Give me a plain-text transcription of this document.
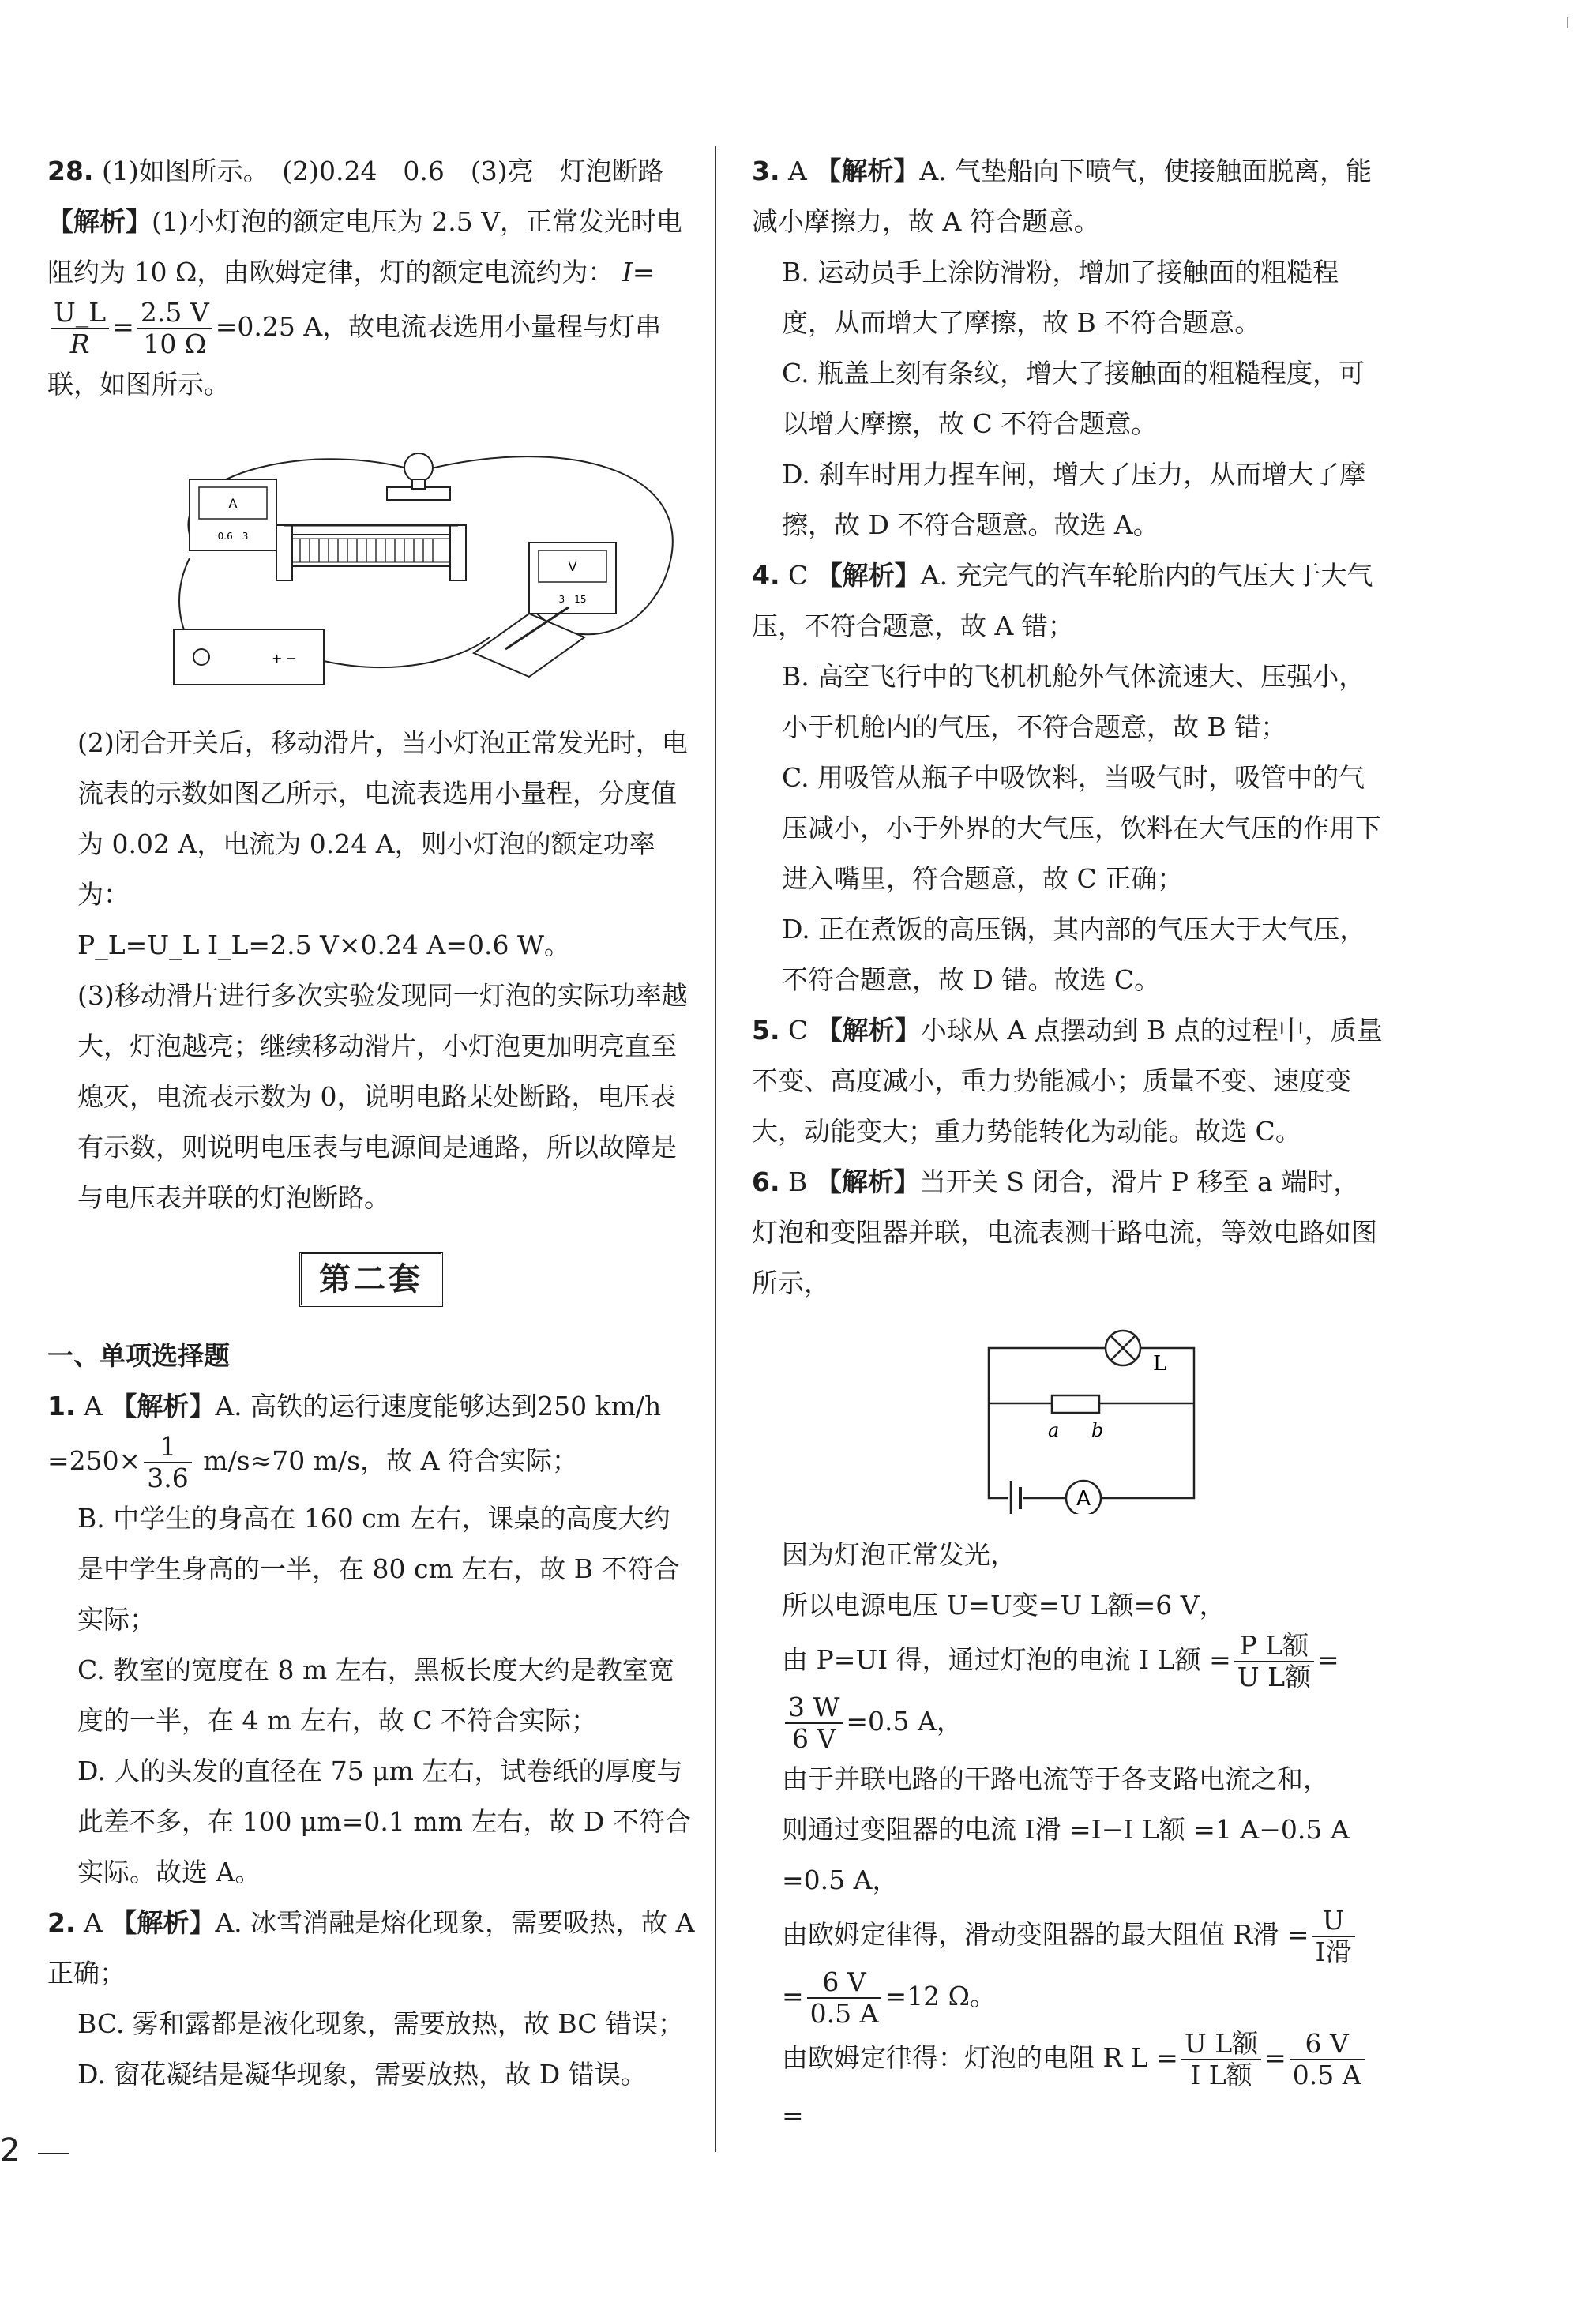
28. (1)如图所示。　(2)0.24　0.6　(3)亮　灯泡断路　【解析】(1)小灯泡的额定电压为 2.5 V，正常发光时电阻约为 10 Ω，由欧姆定律，灯的额定电流约为： I=
$\frac{U\_L}{R} = \frac{2.5 V}{10 \Omega} =0.25$ A，故电流表选用小量程与灯串联，如图所示。

A
0.6　3
V
3　15
+ −

(2)闭合开关后，移动滑片，当小灯泡正常发光时，电流表的示数如图乙所示，电流表选用小量程，分度值为 0.02 A，电流为 0.24 A，则小灯泡的额定功率为：

P_L=U_L I_L=2.5 V×0.24 A=0.6 W。

(3)移动滑片进行多次实验发现同一灯泡的实际功率越大，灯泡越亮；继续移动滑片，小灯泡更加明亮直至熄灭，电流表示数为 0，说明电路某处断路，电压表有示数，则说明电压表与电源间是通路，所以故障是与电压表并联的灯泡断路。

第二套

一、单项选择题

1. A 【解析】A. 高铁的运行速度能够达到250 $km/h =250\times \frac{1}{3.6} m/s\approx 70$ m/s，故 A 符合实际；

B. 中学生的身高在 160 cm 左右，课桌的高度大约是中学生身高的一半，在 80 cm 左右，故 B 不符合实际；

C. 教室的宽度在 8 m 左右，黑板长度大约是教室宽度的一半，在 4 m 左右，故 C 不符合实际；

D. 人的头发的直径在 75 μm 左右，试卷纸的厚度与此差不多，在 100 μm=0.1 mm 左右，故 D 不符合实际。故选 A。

2. A 【解析】A. 冰雪消融是熔化现象，需要吸热，故 A 正确；

BC. 雾和露都是液化现象，需要放热，故 BC 错误；

D. 窗花凝结是凝华现象，需要放热，故 D 错误。

3. A 【解析】A. 气垫船向下喷气，使接触面脱离，能减小摩擦力，故 A 符合题意。

B. 运动员手上涂防滑粉，增加了接触面的粗糙程度，从而增大了摩擦，故 B 不符合题意。

C. 瓶盖上刻有条纹，增大了接触面的粗糙程度，可以增大摩擦，故 C 不符合题意。

D. 刹车时用力捏车闸，增大了压力，从而增大了摩擦，故 D 不符合题意。故选 A。

4. C 【解析】A. 充完气的汽车轮胎内的气压大于大气压，不符合题意，故 A 错；

B. 高空飞行中的飞机机舱外气体流速大、压强小，小于机舱内的气压，不符合题意，故 B 错；

C. 用吸管从瓶子中吸饮料，当吸气时，吸管中的气压减小，小于外界的大气压，饮料在大气压的作用下进入嘴里，符合题意，故 C 正确；

D. 正在煮饭的高压锅，其内部的气压大于大气压，不符合题意，故 D 错。故选 C。

5. C 【解析】小球从 A 点摆动到 B 点的过程中，质量不变、高度减小，重力势能减小；质量不变、速度变大，动能变大；重力势能转化为动能。故选 C。

6. B 【解析】当开关 S 闭合，滑片 P 移至 a 端时，灯泡和变阻器并联，电流表测干路电流，等效电路如图所示，

L
a b
A

因为灯泡正常发光，

所以电源电压 U=U变=U L额=6 V，

由 P=UI 得，通过灯泡的电流 I L额 = $\frac{\text{P L额}}{\text{U L额}}$ =
$\frac{3 W}{6 V} =0.5$ A，

由于并联电路的干路电流等于各支路电流之和，

则通过变阻器的电流 I滑 =I−I L额 =1 A−0.5 A =0.5 A，

由欧姆定律得，滑动变阻器的最大阻值 R滑 = $\frac{U}{\text{I滑}}$

= $\frac{6 V}{0.5 A} =12$ Ω。

由欧姆定律得：灯泡的电阻 R $L = \frac{\text{U L额}}{\text{I L额}} = \frac{6 V}{0.5 A}$
=

2
